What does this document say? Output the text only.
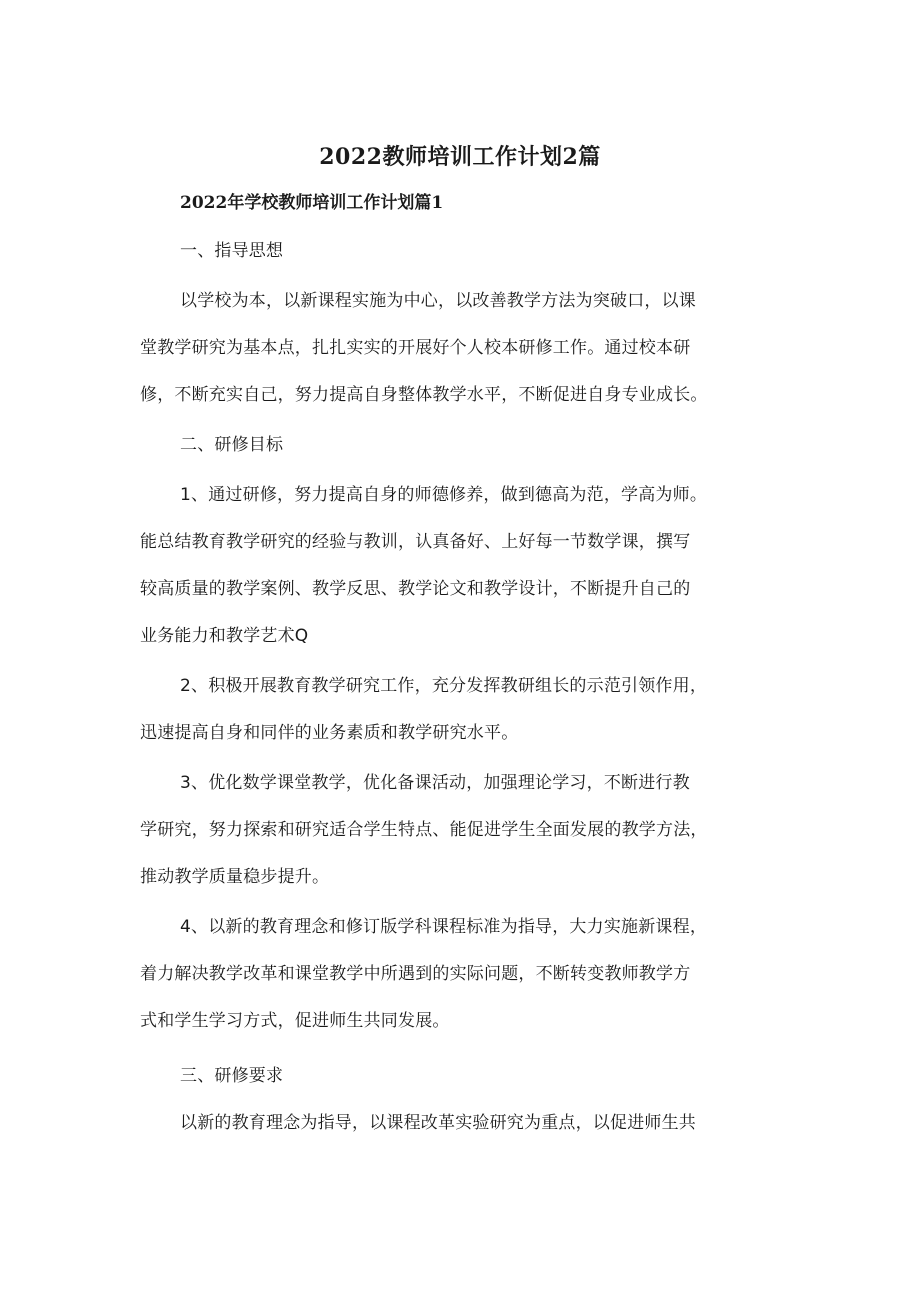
2022教师培训工作计划2篇

2022年学校教师培训工作计划篇1

一、指导思想

以学校为本，以新课程实施为中心，以改善教学方法为突破口，以课

堂教学研究为基本点，扎扎实实的开展好个人校本研修工作。通过校本研

修，不断充实自己，努力提高自身整体教学水平，不断促进自身专业成长。

二、研修目标

1、通过研修，努力提高自身的师德修养，做到德高为范，学高为师。

能总结教育教学研究的经验与教训，认真备好、上好每一节数学课，撰写

较高质量的教学案例、教学反思、教学论文和教学设计，不断提升自己的

业务能力和教学艺术Q

2、积极开展教育教学研究工作，充分发挥教研组长的示范引领作用，

迅速提高自身和同伴的业务素质和教学研究水平。

3、优化数学课堂教学，优化备课活动，加强理论学习，不断进行教

学研究，努力探索和研究适合学生特点、能促进学生全面发展的教学方法，

推动教学质量稳步提升。

4、以新的教育理念和修订版学科课程标准为指导，大力实施新课程，

着力解决教学改革和课堂教学中所遇到的实际问题，不断转变教师教学方

式和学生学习方式，促进师生共同发展。

三、研修要求

以新的教育理念为指导，以课程改革实验研究为重点，以促进师生共
